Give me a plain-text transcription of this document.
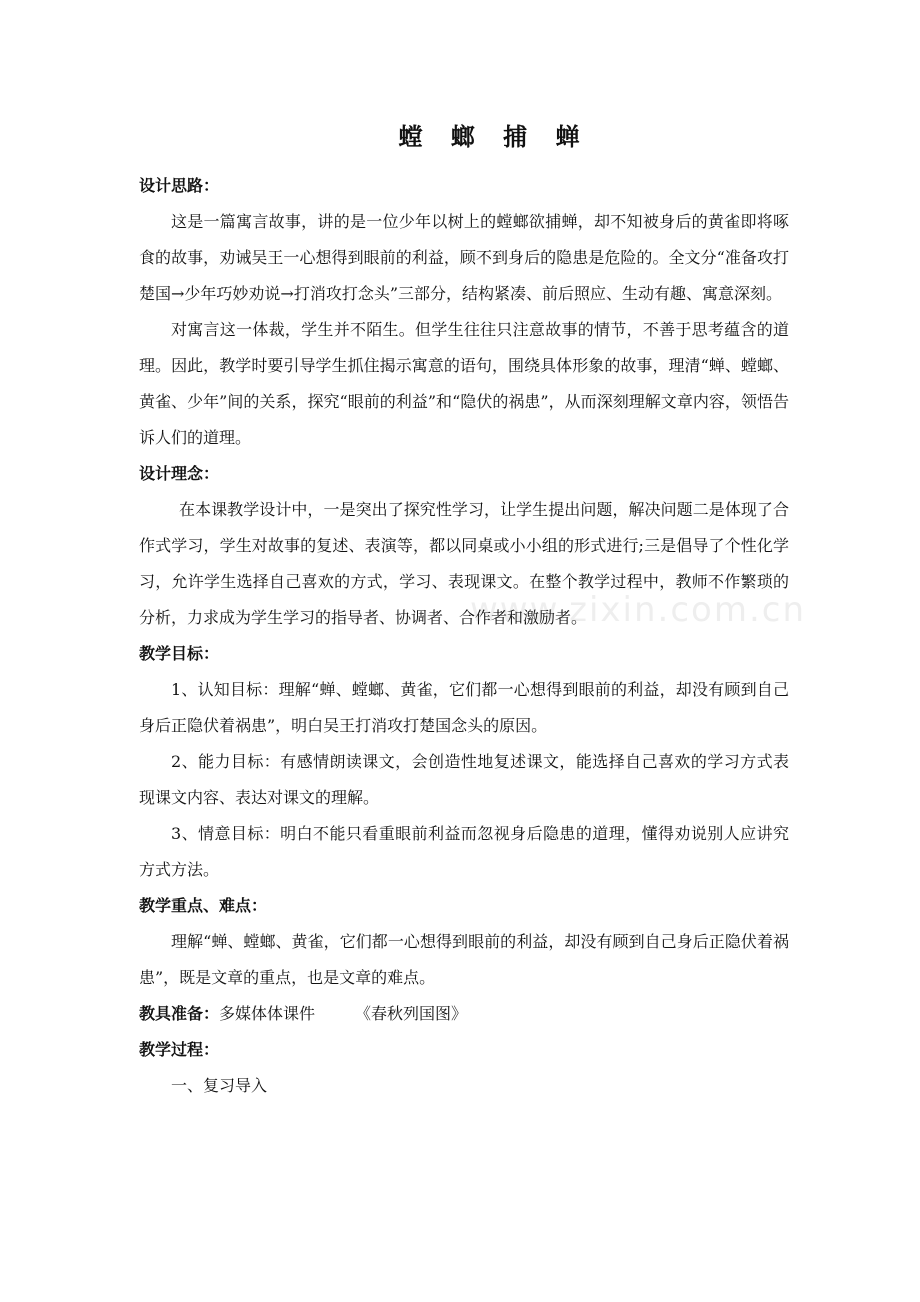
螳 螂 捕 蝉

设计思路：

这是一篇寓言故事，讲的是一位少年以树上的螳螂欲捕蝉，却不知被身后的黄雀即将啄食的故事，劝诫吴王一心想得到眼前的利益，顾不到身后的隐患是危险的。全文分“准备攻打楚国→少年巧妙劝说→打消攻打念头”三部分，结构紧凑、前后照应、生动有趣、寓意深刻。

对寓言这一体裁，学生并不陌生。但学生往往只注意故事的情节，不善于思考蕴含的道理。因此，教学时要引导学生抓住揭示寓意的语句，围绕具体形象的故事，理清“蝉、螳螂、黄雀、少年”间的关系，探究“眼前的利益”和“隐伏的祸患”，从而深刻理解文章内容，领悟告诉人们的道理。

设计理念：

在本课教学设计中，一是突出了探究性学习，让学生提出问题，解决问题二是体现了合作式学习，学生对故事的复述、表演等，都以同桌或小小组的形式进行;三是倡导了个性化学习，允许学生选择自己喜欢的方式，学习、表现课文。在整个教学过程中，教师不作繁琐的分析，力求成为学生学习的指导者、协调者、合作者和激励者。

教学目标：

1、认知目标：理解“蝉、螳螂、黄雀，它们都一心想得到眼前的利益，却没有顾到自己身后正隐伏着祸患”，明白吴王打消攻打楚国念头的原因。

2、能力目标：有感情朗读课文，会创造性地复述课文，能选择自己喜欢的学习方式表现课文内容、表达对课文的理解。

3、情意目标：明白不能只看重眼前利益而忽视身后隐患的道理，懂得劝说别人应讲究方式方法。

教学重点、难点：

理解“蝉、螳螂、黄雀，它们都一心想得到眼前的利益，却没有顾到自己身后正隐伏着祸患”，既是文章的重点，也是文章的难点。

教具准备：多媒体体课件	《春秋列国图》

教学过程：

一、复习导入

www.zixin.com.cn
